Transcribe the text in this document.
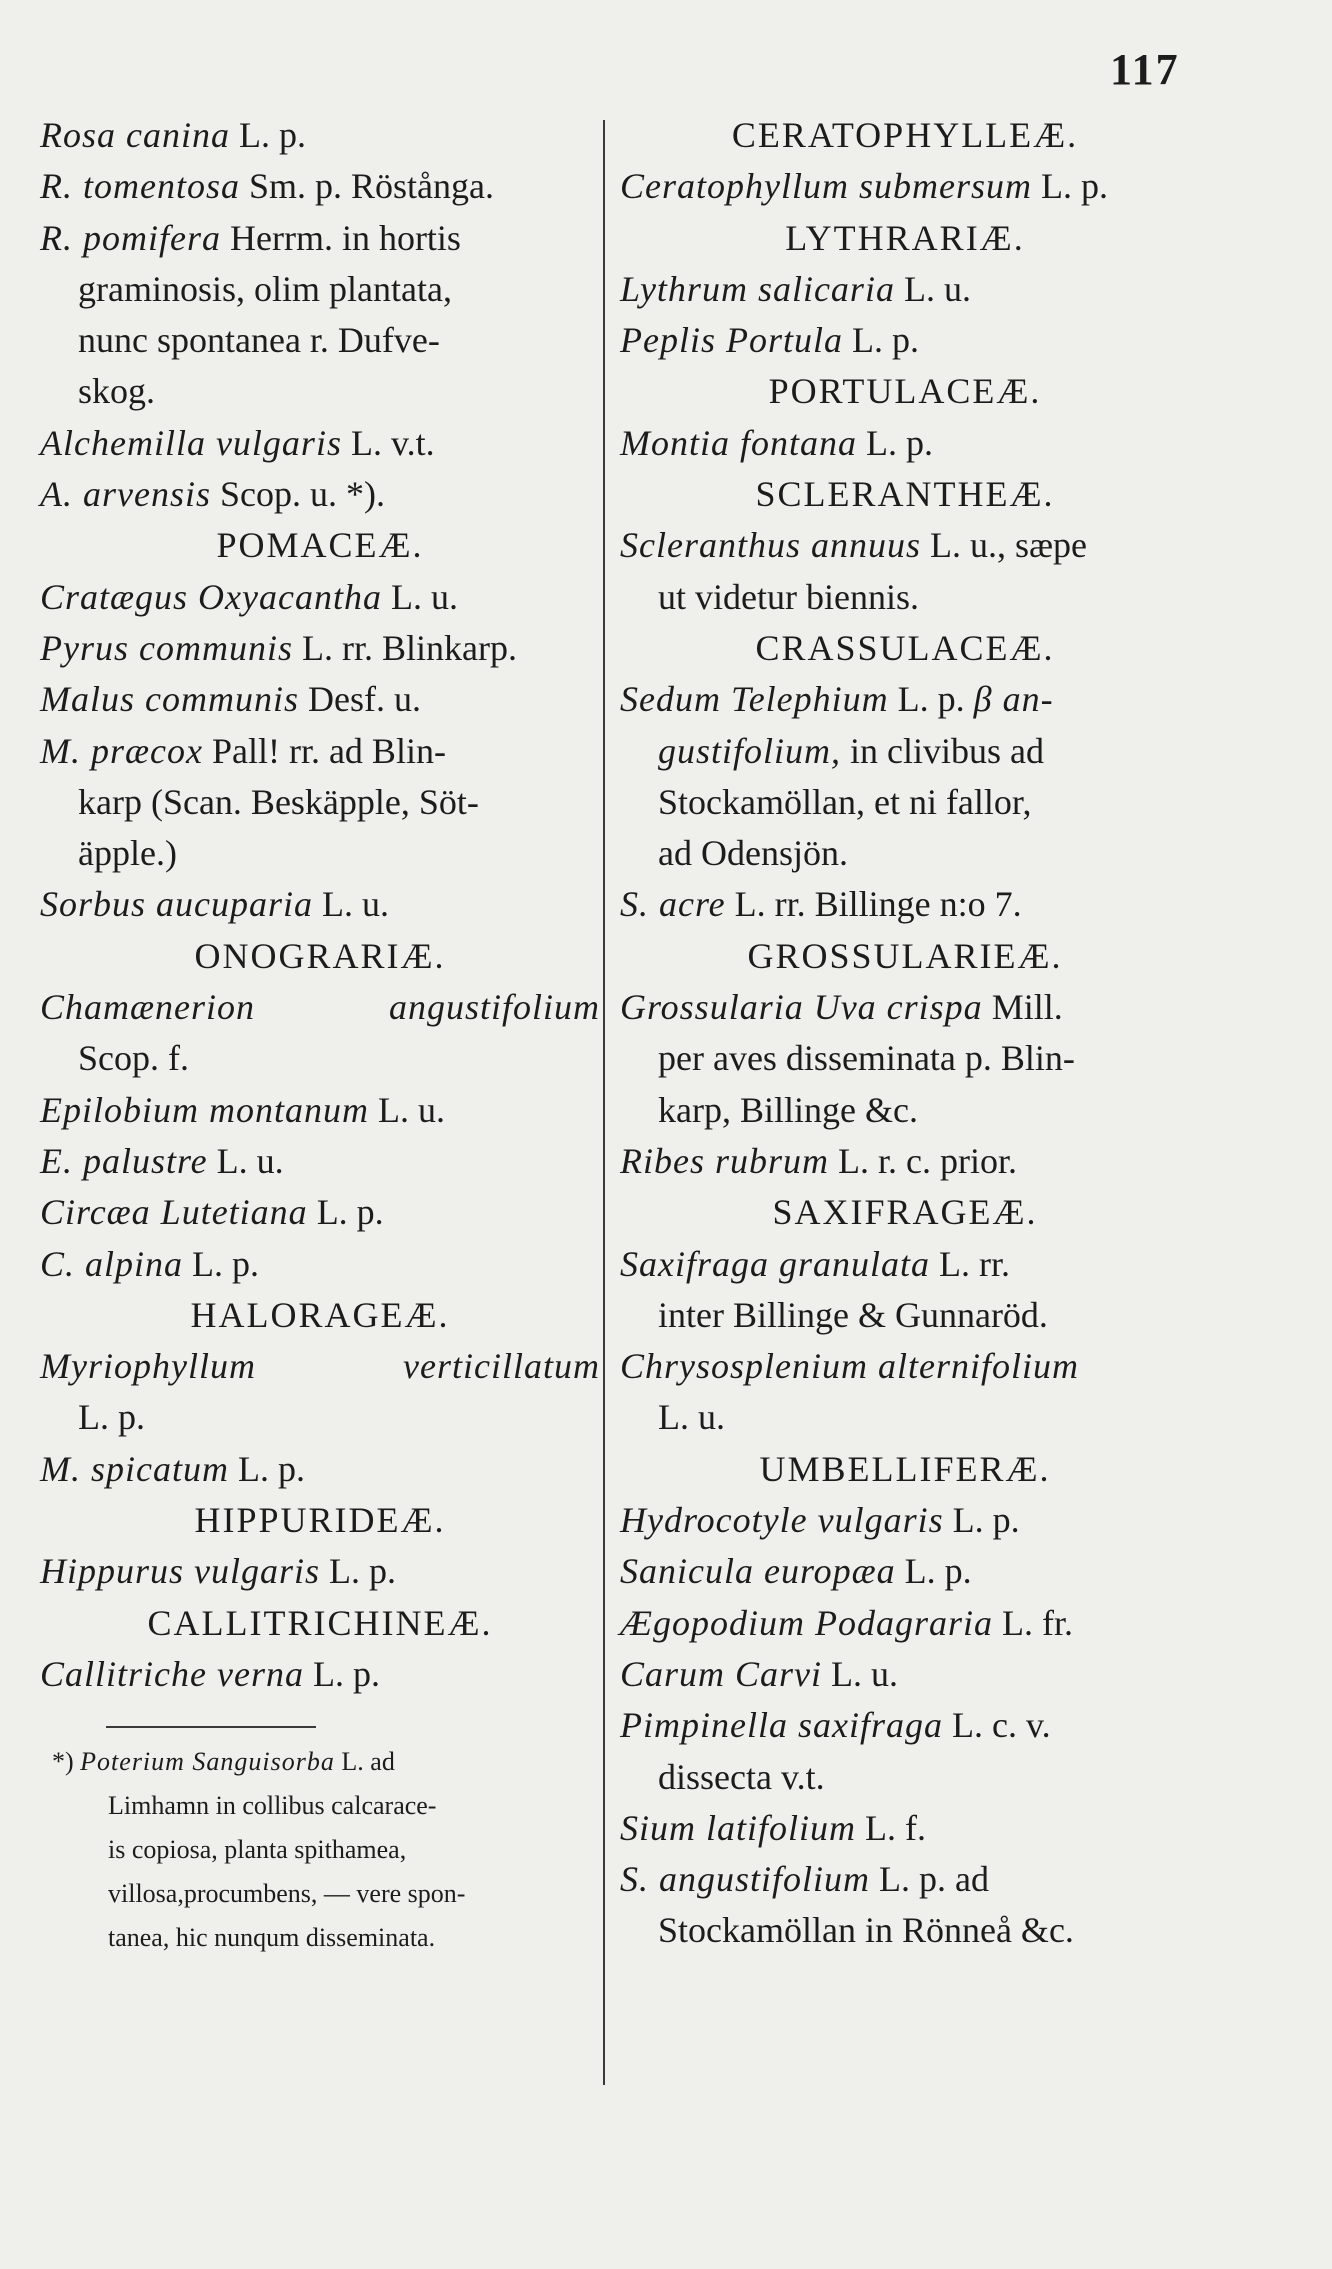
117
Rosa canina L. p.
R. tomentosa Sm. p. Röstånga.
R. pomifera Herrm. in hortis
graminosis, olim plantata,
nunc spontanea r. Dufve-
skog.
Alchemilla vulgaris L. v.t.
A. arvensis Scop. u. *).
POMACEÆ.
Cratægus Oxyacantha L. u.
Pyrus communis L. rr. Blinkarp.
Malus communis Desf. u.
M. præcox Pall! rr. ad Blin-
karp (Scan. Beskäpple, Söt-
äpple.)
Sorbus aucuparia L. u.
ONOGRARIÆ.
Chamænerion	angustifolium
Scop. f.
Epilobium montanum L. u.
E. palustre L. u.
Circæa Lutetiana L. p.
C. alpina L. p.
HALORAGEÆ.
Myriophyllum	verticillatum
L. p.
M. spicatum L. p.
HIPPURIDEÆ.
Hippurus vulgaris L. p.
CALLITRICHINEÆ.
Callitriche verna L. p.
*) Poterium Sanguisorba L. ad
Limhamn in collibus calcarace-
is copiosa, planta spithamea,
villosa,procumbens, — vere spon-
tanea, hic nunqum disseminata.
CERATOPHYLLEÆ.
Ceratophyllum submersum L. p.
LYTHRARIÆ.
Lythrum salicaria L. u.
Peplis Portula L. p.
PORTULACEÆ.
Montia fontana L. p.
SCLERANTHEÆ.
Scleranthus annuus L. u., sæpe
ut videtur biennis.
CRASSULACEÆ.
Sedum Telephium L. p. β an-
gustifolium, in clivibus ad
Stockamöllan, et ni fallor,
ad Odensjön.
S. acre L. rr. Billinge n:o 7.
GROSSULARIEÆ.
Grossularia Uva crispa Mill.
per aves disseminata p. Blin-
karp, Billinge &c.
Ribes rubrum L. r. c. prior.
SAXIFRAGEÆ.
Saxifraga granulata L. rr.
inter Billinge & Gunnaröd.
Chrysosplenium alternifolium
L. u.
UMBELLIFERÆ.
Hydrocotyle vulgaris L. p.
Sanicula europæa L. p.
Ægopodium Podagraria L. fr.
Carum Carvi L. u.
Pimpinella saxifraga L. c. v.
dissecta v.t.
Sium latifolium L. f.
S. angustifolium L. p. ad
Stockamöllan in Rönneå &c.
